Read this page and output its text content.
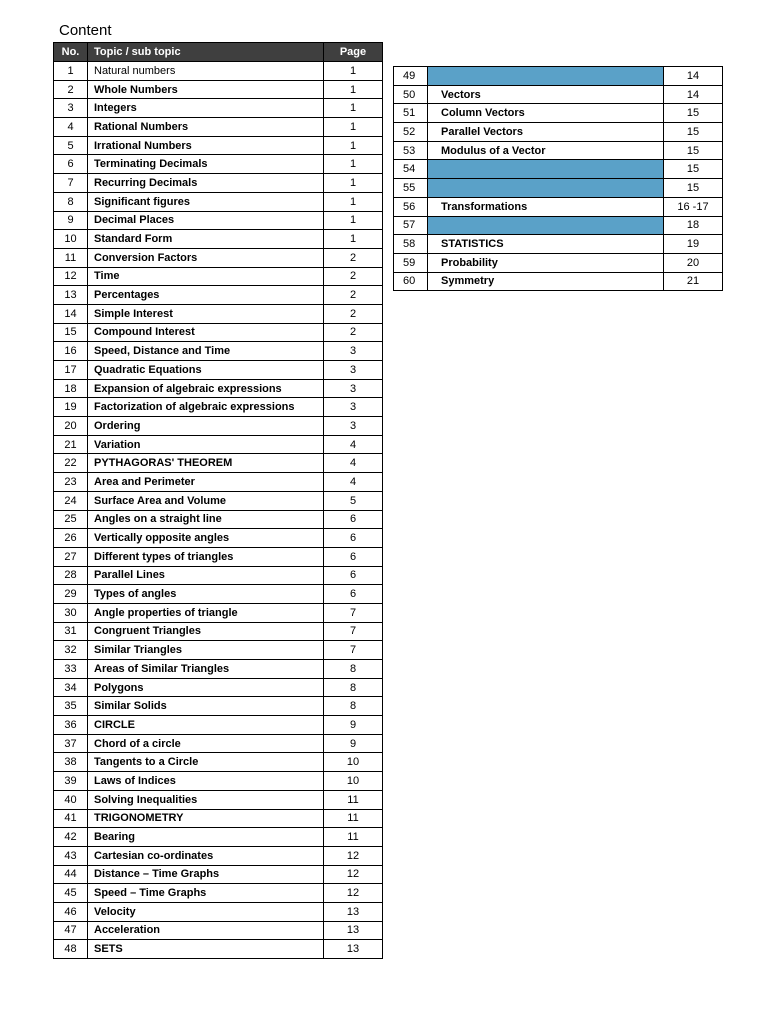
Content
No.	Topic / sub topic	Page
1	Natural numbers	1
2	Whole Numbers	1
3	Integers	1
4	Rational Numbers	1
5	Irrational Numbers	1
6	Terminating Decimals	1
7	Recurring Decimals	1
8	Significant figures	1
9	Decimal Places	1
10	Standard Form	1
11	Conversion Factors	2
12	Time	2
13	Percentages	2
14	Simple Interest	2
15	Compound Interest	2
16	Speed, Distance and Time	3
17	Quadratic Equations	3
18	Expansion of algebraic expressions	3
19	Factorization of algebraic expressions	3
20	Ordering	3
21	Variation	4
22	PYTHAGORAS' THEOREM	4
23	Area and Perimeter	4
24	Surface Area and Volume	5
25	Angles on a straight line	6
26	Vertically opposite angles	6
27	Different types of triangles	6
28	Parallel Lines	6
29	Types of angles	6
30	Angle properties of triangle	7
31	Congruent Triangles	7
32	Similar Triangles	7
33	Areas of Similar Triangles	8
34	Polygons	8
35	Similar Solids	8
36	CIRCLE	9
37	Chord of a circle	9
38	Tangents to a Circle	10
39	Laws of Indices	10
40	Solving Inequalities	11
41	TRIGONOMETRY	11
42	Bearing	11
43	Cartesian co-ordinates	12
44	Distance – Time Graphs	12
45	Speed – Time Graphs	12
46	Velocity	13
47	Acceleration	13
48	SETS	13
49		14
50	Vectors	14
51	Column Vectors	15
52	Parallel Vectors	15
53	Modulus of a Vector	15
54		15
55		15
56	Transformations	16 -17
57		18
58	STATISTICS	19
59	Probability	20
60	Symmetry	21
